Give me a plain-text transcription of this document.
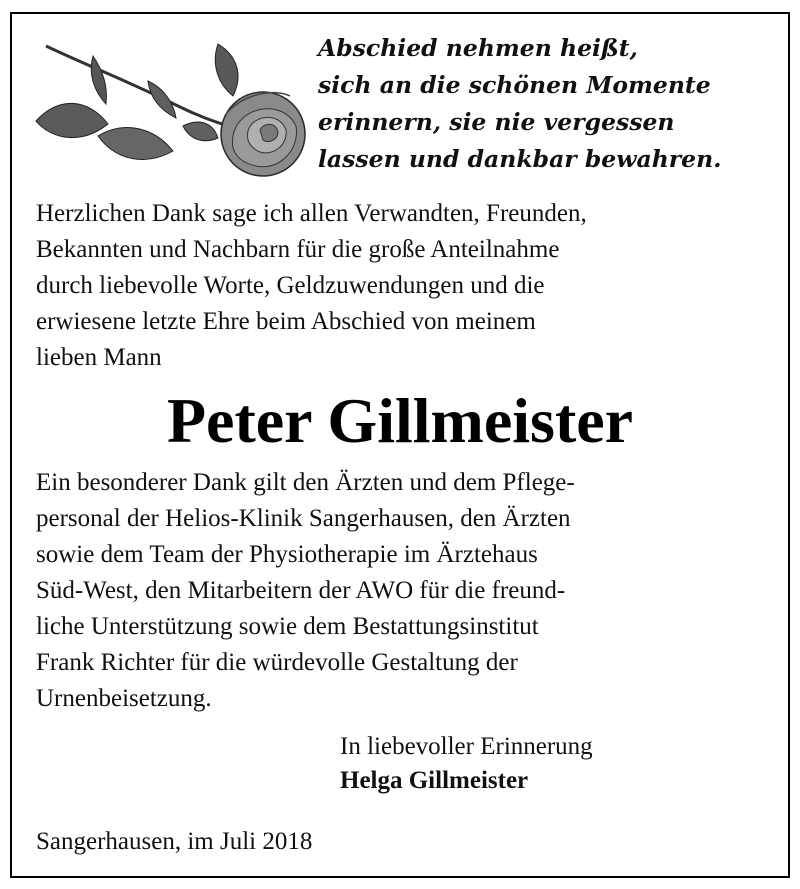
Abschied nehmen heißt,
sich an die schönen Momente
erinnern, sie nie vergessen
lassen und dankbar bewahren.
Herzlichen Dank sage ich allen Verwandten, Freunden,
Bekannten und Nachbarn für die große Anteilnahme
durch liebevolle Worte, Geldzuwendungen und die
erwiesene letzte Ehre beim Abschied von meinem
lieben Mann
Peter Gillmeister
Ein besonderer Dank gilt den Ärzten und dem Pflege-
personal der Helios-Klinik Sangerhausen, den Ärzten
sowie dem Team der Physiotherapie im Ärztehaus
Süd-West, den Mitarbeitern der AWO für die freund-
liche Unterstützung sowie dem Bestattungsinstitut
Frank Richter für die würdevolle Gestaltung der
Urnenbeisetzung.
In liebevoller Erinnerung
Helga Gillmeister
Sangerhausen, im Juli 2018
